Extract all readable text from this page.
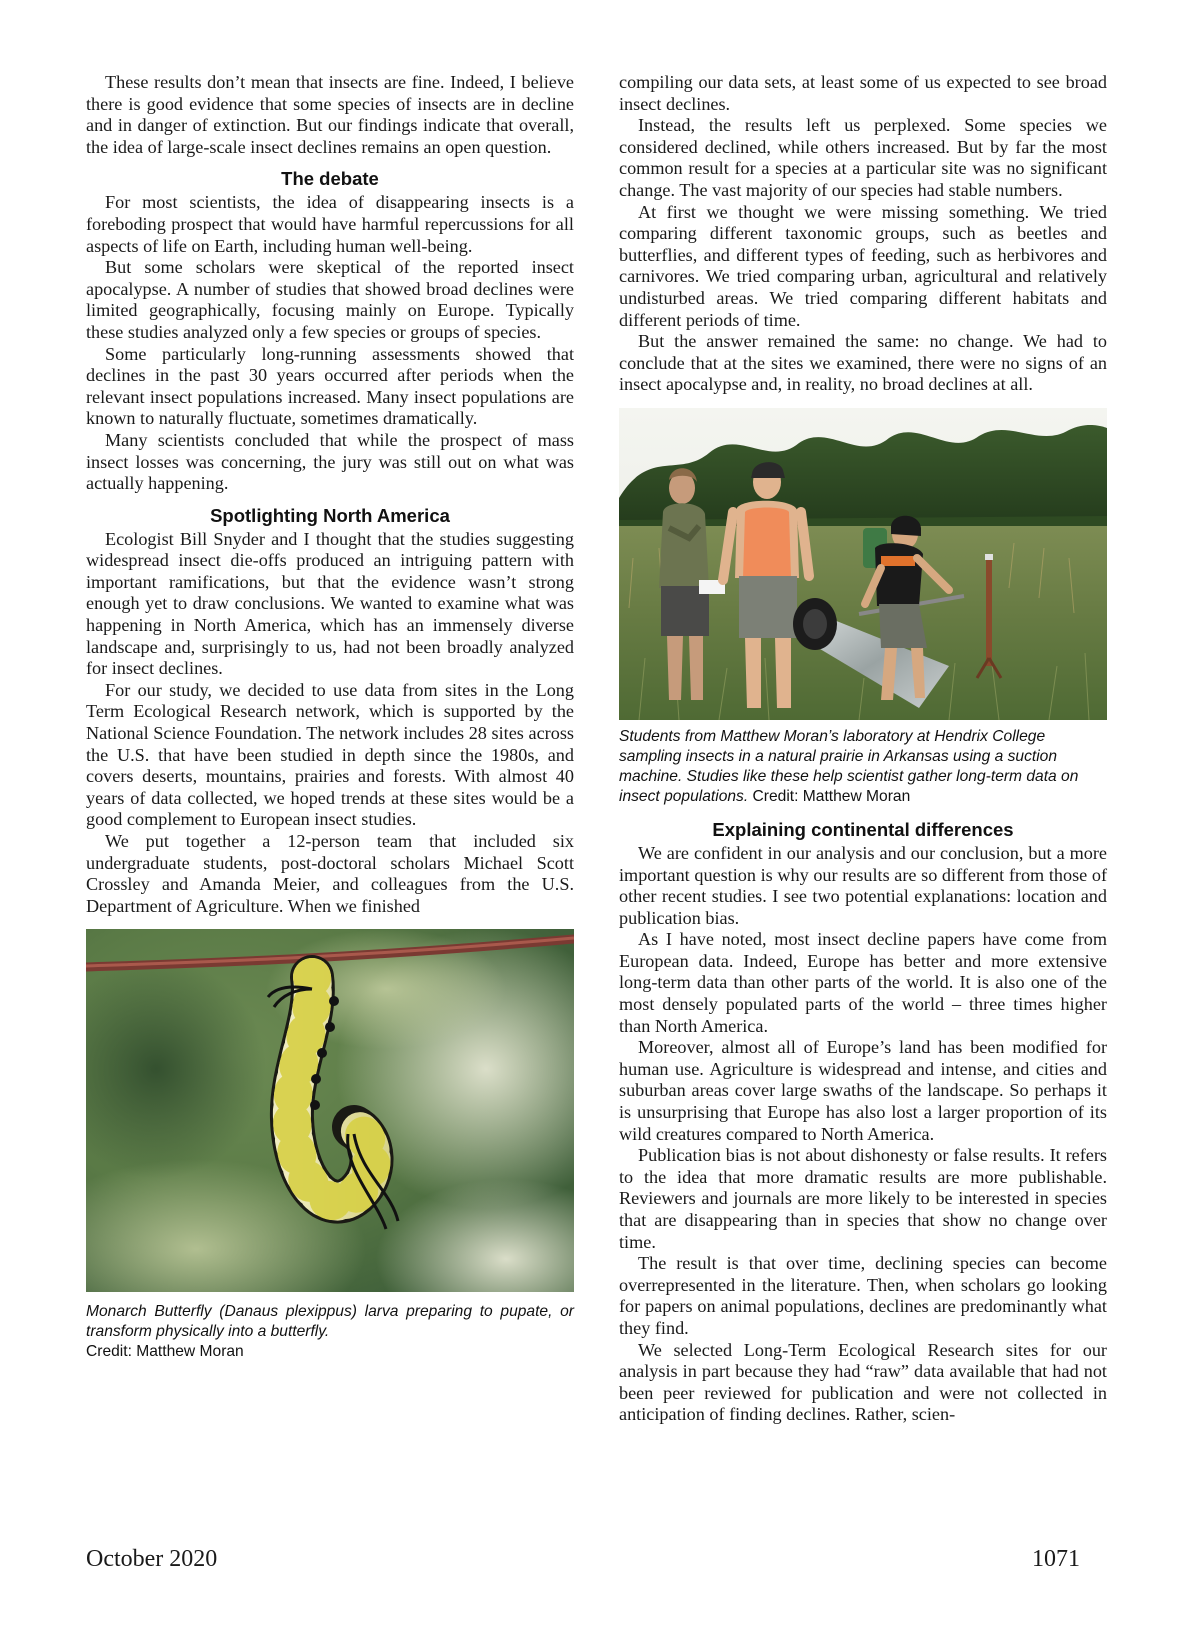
These results don’t mean that insects are fine. Indeed, I believe there is good evidence that some species of insects are in decline and in danger of extinction. But our findings indicate that overall, the idea of large-scale insect declines remains an open question.

The debate

For most scientists, the idea of disappearing insects is a foreboding prospect that would have harmful repercussions for all aspects of life on Earth, including human well-being.

But some scholars were skeptical of the reported insect apocalypse. A number of studies that showed broad declines were limited geographically, focusing mainly on Europe. Typically these studies analyzed only a few species or groups of species.

Some particularly long-running assessments showed that declines in the past 30 years occurred after periods when the relevant insect populations increased. Many insect populations are known to naturally fluctuate, sometimes dramatically.

Many scientists concluded that while the prospect of mass insect losses was concerning, the jury was still out on what was actually happening.

Spotlighting North America

Ecologist Bill Snyder and I thought that the studies suggesting widespread insect die-offs produced an intriguing pattern with important ramifications, but that the evidence wasn’t strong enough yet to draw conclusions. We wanted to examine what was happening in North America, which has an immensely diverse landscape and, surprisingly to us, had not been broadly analyzed for insect declines.

For our study, we decided to use data from sites in the Long Term Ecological Research network, which is supported by the National Science Foundation. The network includes 28 sites across the U.S. that have been studied in depth since the 1980s, and covers deserts, mountains, prairies and forests. With almost 40 years of data collected, we hoped trends at these sites would be a good complement to European insect studies.

We put together a 12-person team that included six undergraduate students, post-doctoral scholars Michael Scott Crossley and Amanda Meier, and colleagues from the U.S. Department of Agriculture. When we finished

Monarch Butterfly (Danaus plexippus) larva preparing to pupate, or transform physically into a butterfly.
Credit: Matthew Moran

compiling our data sets, at least some of us expected to see broad insect declines.

Instead, the results left us perplexed. Some species we considered declined, while others increased. But by far the most common result for a species at a particular site was no significant change. The vast majority of our species had stable numbers.

At first we thought we were missing something. We tried comparing different taxonomic groups, such as beetles and butterflies, and different types of feeding, such as herbivores and carnivores. We tried comparing urban, agricultural and relatively undisturbed areas. We tried comparing different habitats and different periods of time.

But the answer remained the same: no change. We had to conclude that at the sites we examined, there were no signs of an insect apocalypse and, in reality, no broad declines at all.

Students from Matthew Moran’s laboratory at Hendrix College sampling insects in a natural prairie in Arkansas using a suction machine. Studies like these help scientist gather long-term data on insect populations. Credit: Matthew Moran

Explaining continental differences

We are confident in our analysis and our conclusion, but a more important question is why our results are so different from those of other recent studies. I see two potential explanations: location and publication bias.

As I have noted, most insect decline papers have come from European data. Indeed, Europe has better and more extensive long-term data than other parts of the world. It is also one of the most densely populated parts of the world – three times higher than North America.

Moreover, almost all of Europe’s land has been modified for human use. Agriculture is widespread and intense, and cities and suburban areas cover large swaths of the landscape. So perhaps it is unsurprising that Europe has also lost a larger proportion of its wild creatures compared to North America.

Publication bias is not about dishonesty or false results. It refers to the idea that more dramatic results are more publishable. Reviewers and journals are more likely to be interested in species that are disappearing than in species that show no change over time.

The result is that over time, declining species can become overrepresented in the literature. Then, when scholars go looking for papers on animal populations, declines are predominantly what they find.

We selected Long-Term Ecological Research sites for our analysis in part because they had “raw” data available that had not been peer reviewed for publication and were not collected in anticipation of finding declines. Rather, scien-

October 2020	1071
